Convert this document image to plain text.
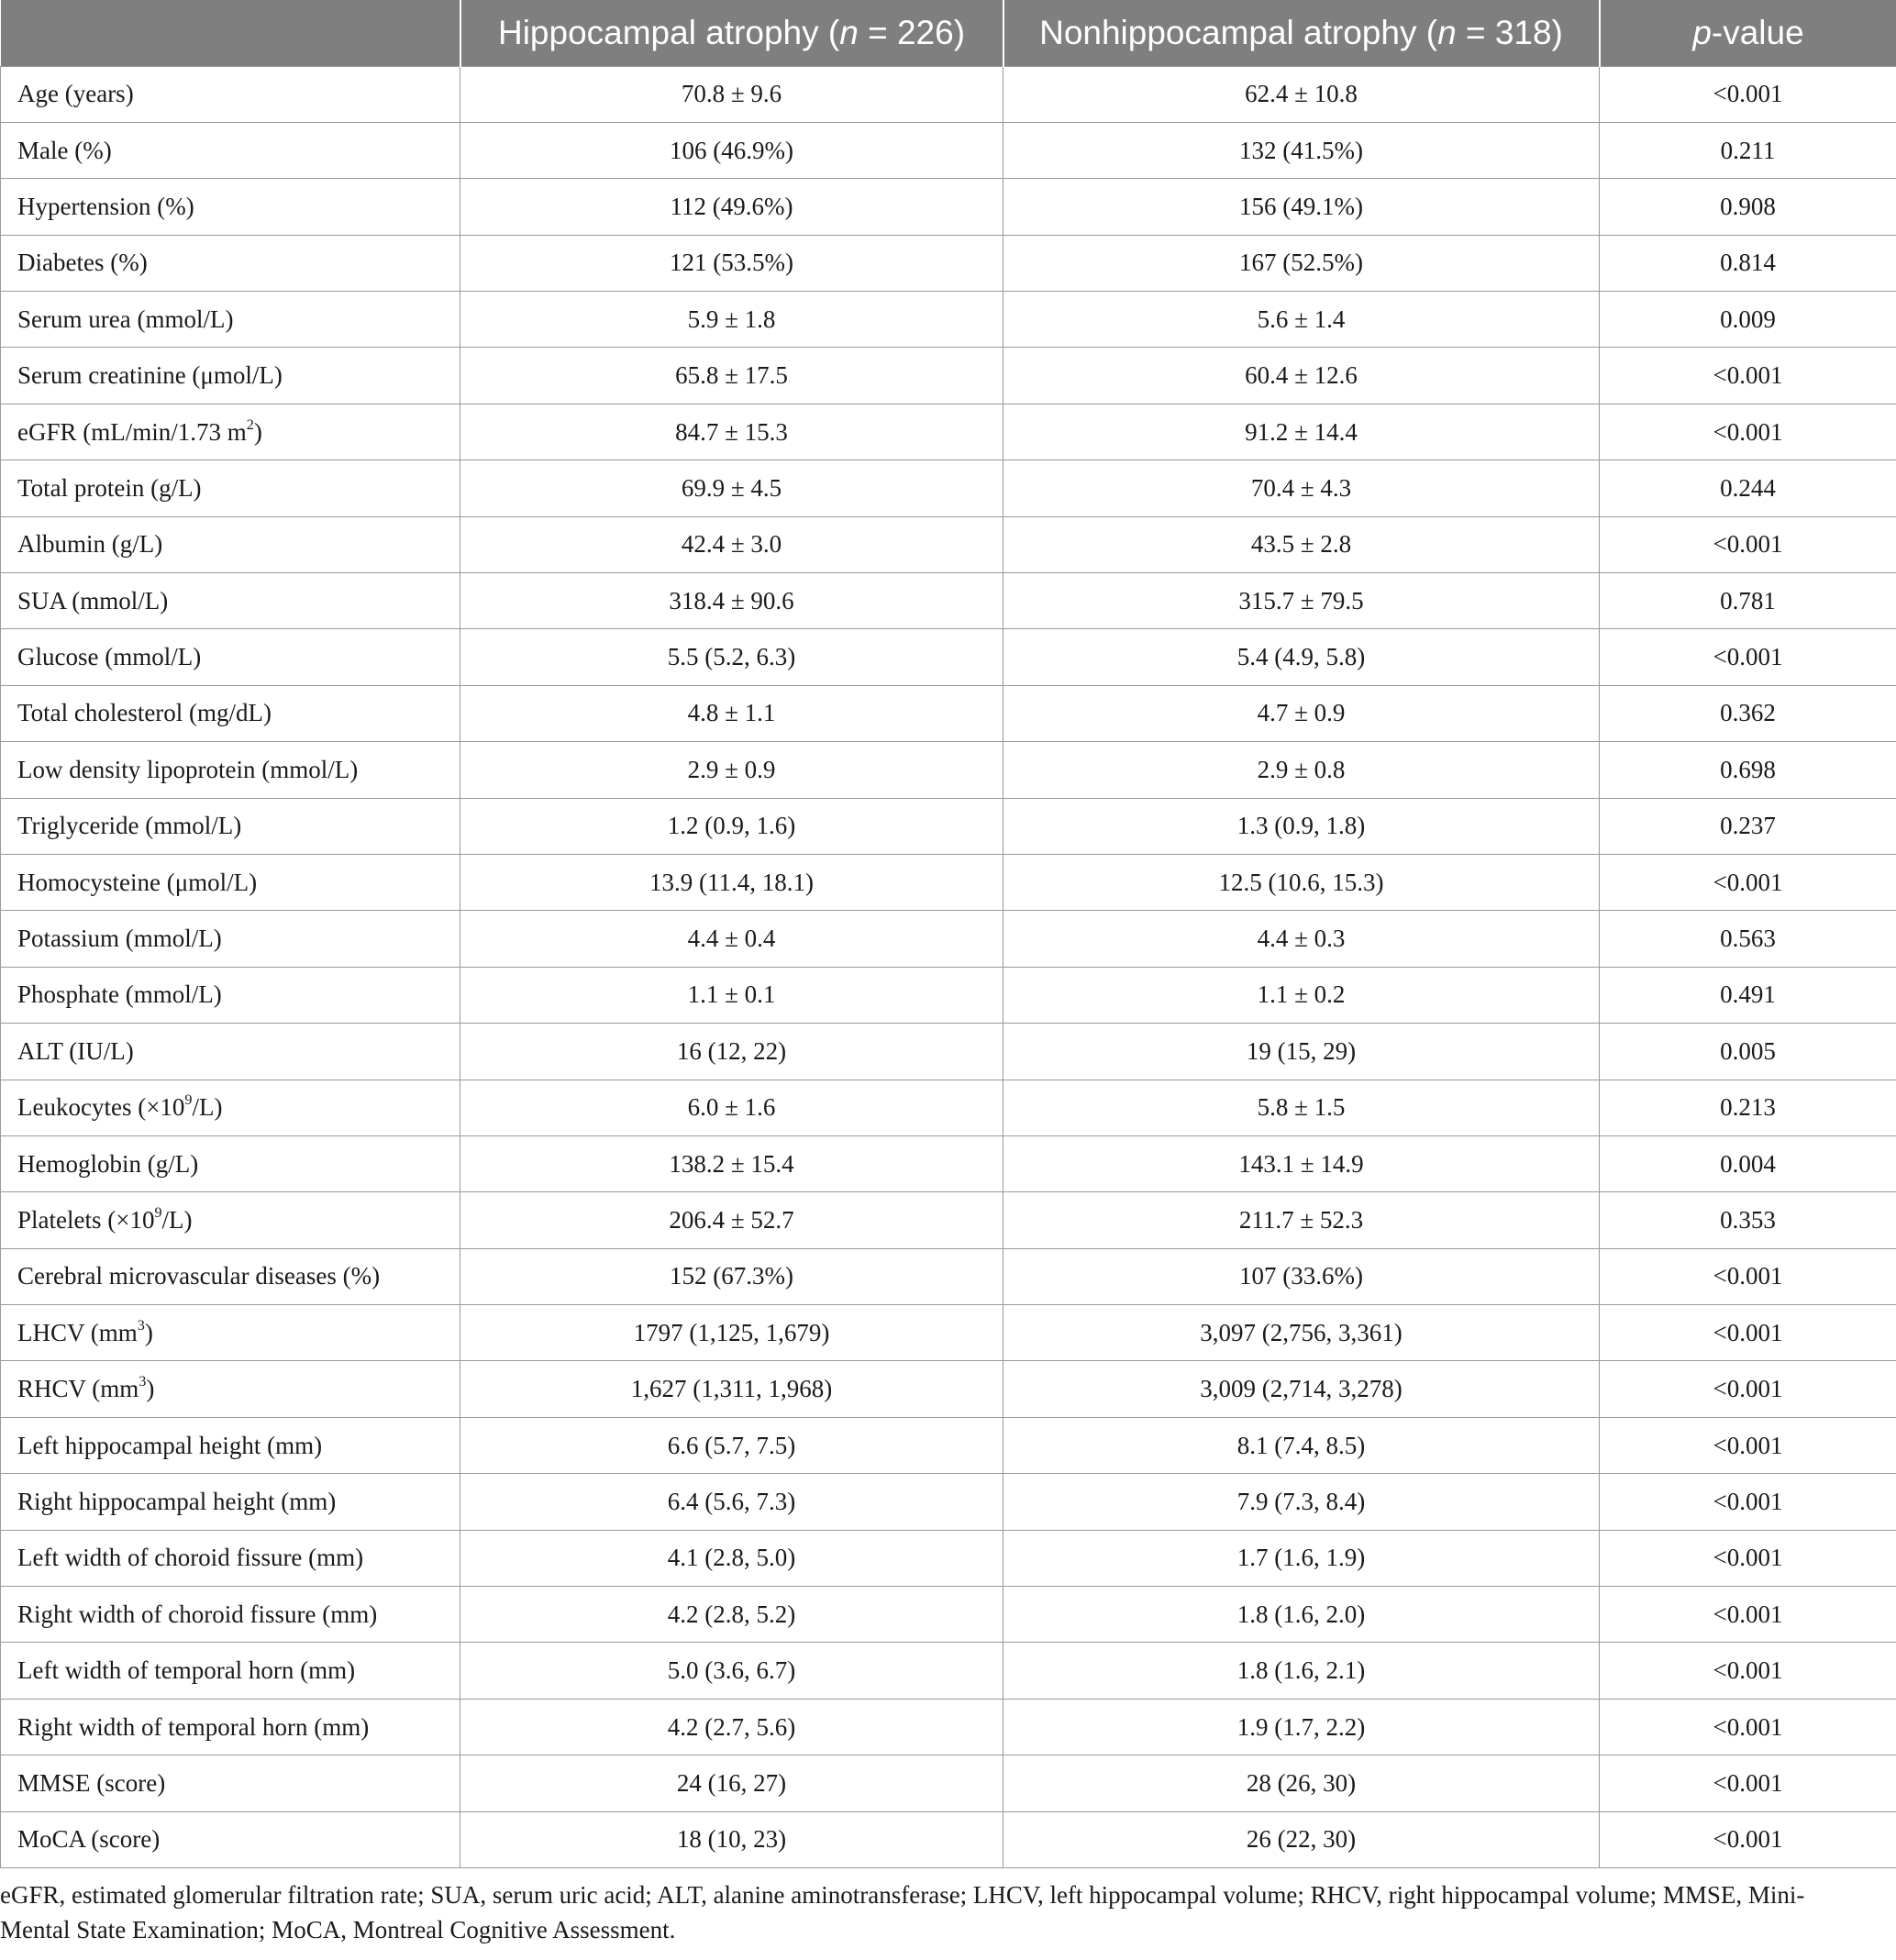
	Hippocampal atrophy (n = 226)	Nonhippocampal atrophy (n = 318)	p-value
Age (years)	70.8 ± 9.6	62.4 ± 10.8	<0.001
Male (%)	106 (46.9%)	132 (41.5%)	0.211
Hypertension (%)	112 (49.6%)	156 (49.1%)	0.908
Diabetes (%)	121 (53.5%)	167 (52.5%)	0.814
Serum urea (mmol/L)	5.9 ± 1.8	5.6 ± 1.4	0.009
Serum creatinine (μmol/L)	65.8 ± 17.5	60.4 ± 12.6	<0.001
eGFR (mL/min/1.73 $m^2$)	84.7 ± 15.3	91.2 ± 14.4	<0.001
Total protein (g/L)	69.9 ± 4.5	70.4 ± 4.3	0.244
Albumin (g/L)	42.4 ± 3.0	43.5 ± 2.8	<0.001
SUA (mmol/L)	318.4 ± 90.6	315.7 ± 79.5	0.781
Glucose (mmol/L)	5.5 (5.2, 6.3)	5.4 (4.9, 5.8)	<0.001
Total cholesterol (mg/dL)	4.8 ± 1.1	4.7 ± 0.9	0.362
Low density lipoprotein (mmol/L)	2.9 ± 0.9	2.9 ± 0.8	0.698
Triglyceride (mmol/L)	1.2 (0.9, 1.6)	1.3 (0.9, 1.8)	0.237
Homocysteine (μmol/L)	13.9 (11.4, 18.1)	12.5 (10.6, 15.3)	<0.001
Potassium (mmol/L)	4.4 ± 0.4	4.4 ± 0.3	0.563
Phosphate (mmol/L)	1.1 ± 0.1	1.1 ± 0.2	0.491
ALT (IU/L)	16 (12, 22)	19 (15, 29)	0.005
Leukocytes $(\times 10^9/L)$	6.0 ± 1.6	5.8 ± 1.5	0.213
Hemoglobin (g/L)	138.2 ± 15.4	143.1 ± 14.9	0.004
Platelets $(\times 10^9/L)$	206.4 ± 52.7	211.7 ± 52.3	0.353
Cerebral microvascular diseases (%)	152 (67.3%)	107 (33.6%)	<0.001
LHCV $(mm^3)$	1797 (1,125, 1,679)	3,097 (2,756, 3,361)	<0.001
RHCV $(mm^3)$	1,627 (1,311, 1,968)	3,009 (2,714, 3,278)	<0.001
Left hippocampal height (mm)	6.6 (5.7, 7.5)	8.1 (7.4, 8.5)	<0.001
Right hippocampal height (mm)	6.4 (5.6, 7.3)	7.9 (7.3, 8.4)	<0.001
Left width of choroid fissure (mm)	4.1 (2.8, 5.0)	1.7 (1.6, 1.9)	<0.001
Right width of choroid fissure (mm)	4.2 (2.8, 5.2)	1.8 (1.6, 2.0)	<0.001
Left width of temporal horn (mm)	5.0 (3.6, 6.7)	1.8 (1.6, 2.1)	<0.001
Right width of temporal horn (mm)	4.2 (2.7, 5.6)	1.9 (1.7, 2.2)	<0.001
MMSE (score)	24 (16, 27)	28 (26, 30)	<0.001
MoCA (score)	18 (10, 23)	26 (22, 30)	<0.001
eGFR, estimated glomerular filtration rate; SUA, serum uric acid; ALT, alanine aminotransferase; LHCV, left hippocampal volume; RHCV, right hippocampal volume; MMSE, Mini-Mental State Examination; MoCA, Montreal Cognitive Assessment.
